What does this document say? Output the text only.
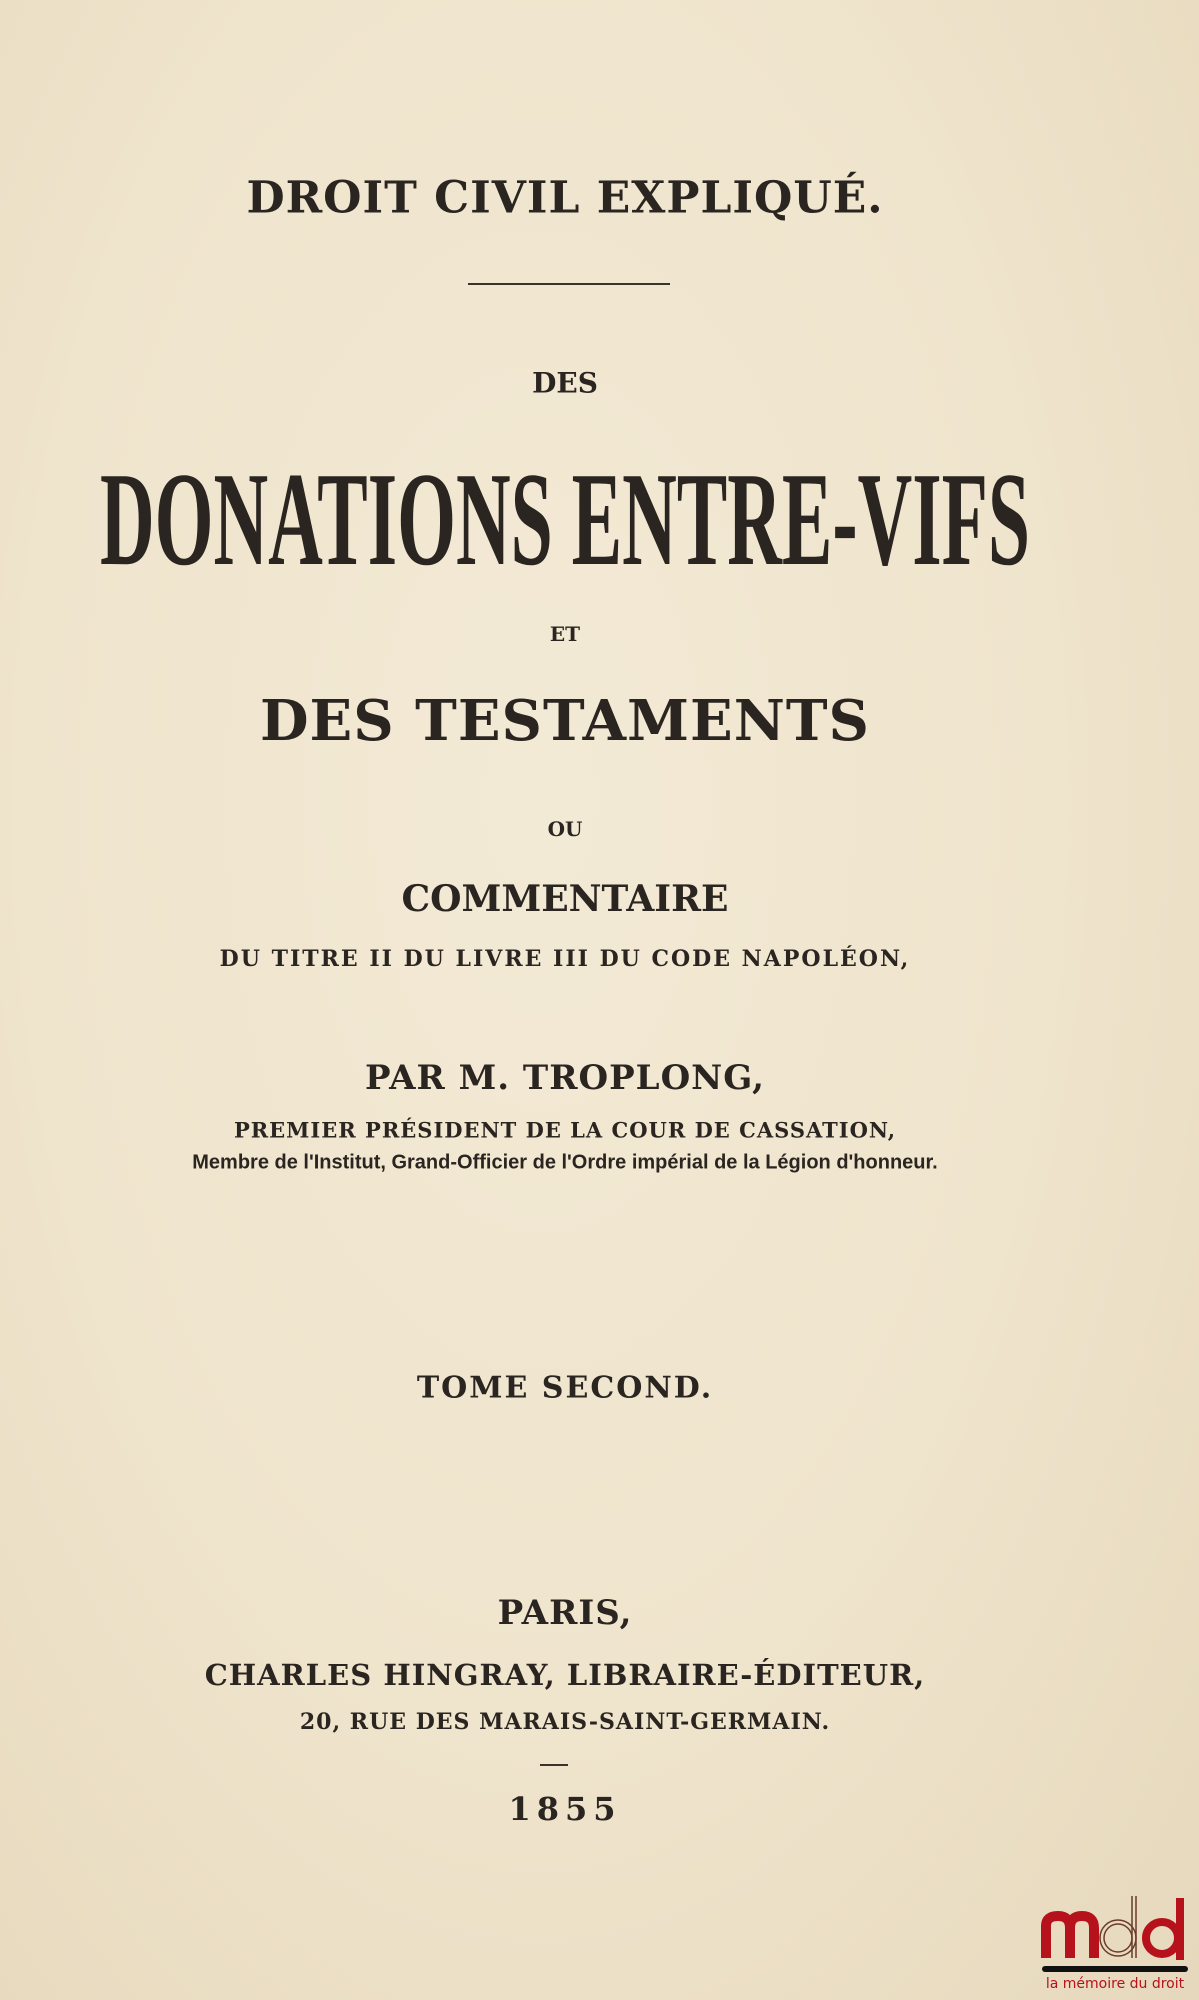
DROIT CIVIL EXPLIQUÉ.
DES
DONATIONS ENTRE-VIFS
ET
DES TESTAMENTS
OU
COMMENTAIRE
DU TITRE II DU LIVRE III DU CODE NAPOLÉON,
PAR M. TROPLONG,
PREMIER PRÉSIDENT DE LA COUR DE CASSATION,
Membre de l'Institut, Grand-Officier de l'Ordre impérial de la Légion d'honneur.
TOME SECOND.
PARIS,
CHARLES HINGRAY, LIBRAIRE-ÉDITEUR,
20, RUE DES MARAIS-SAINT-GERMAIN.
1855
la mémoire du droit
